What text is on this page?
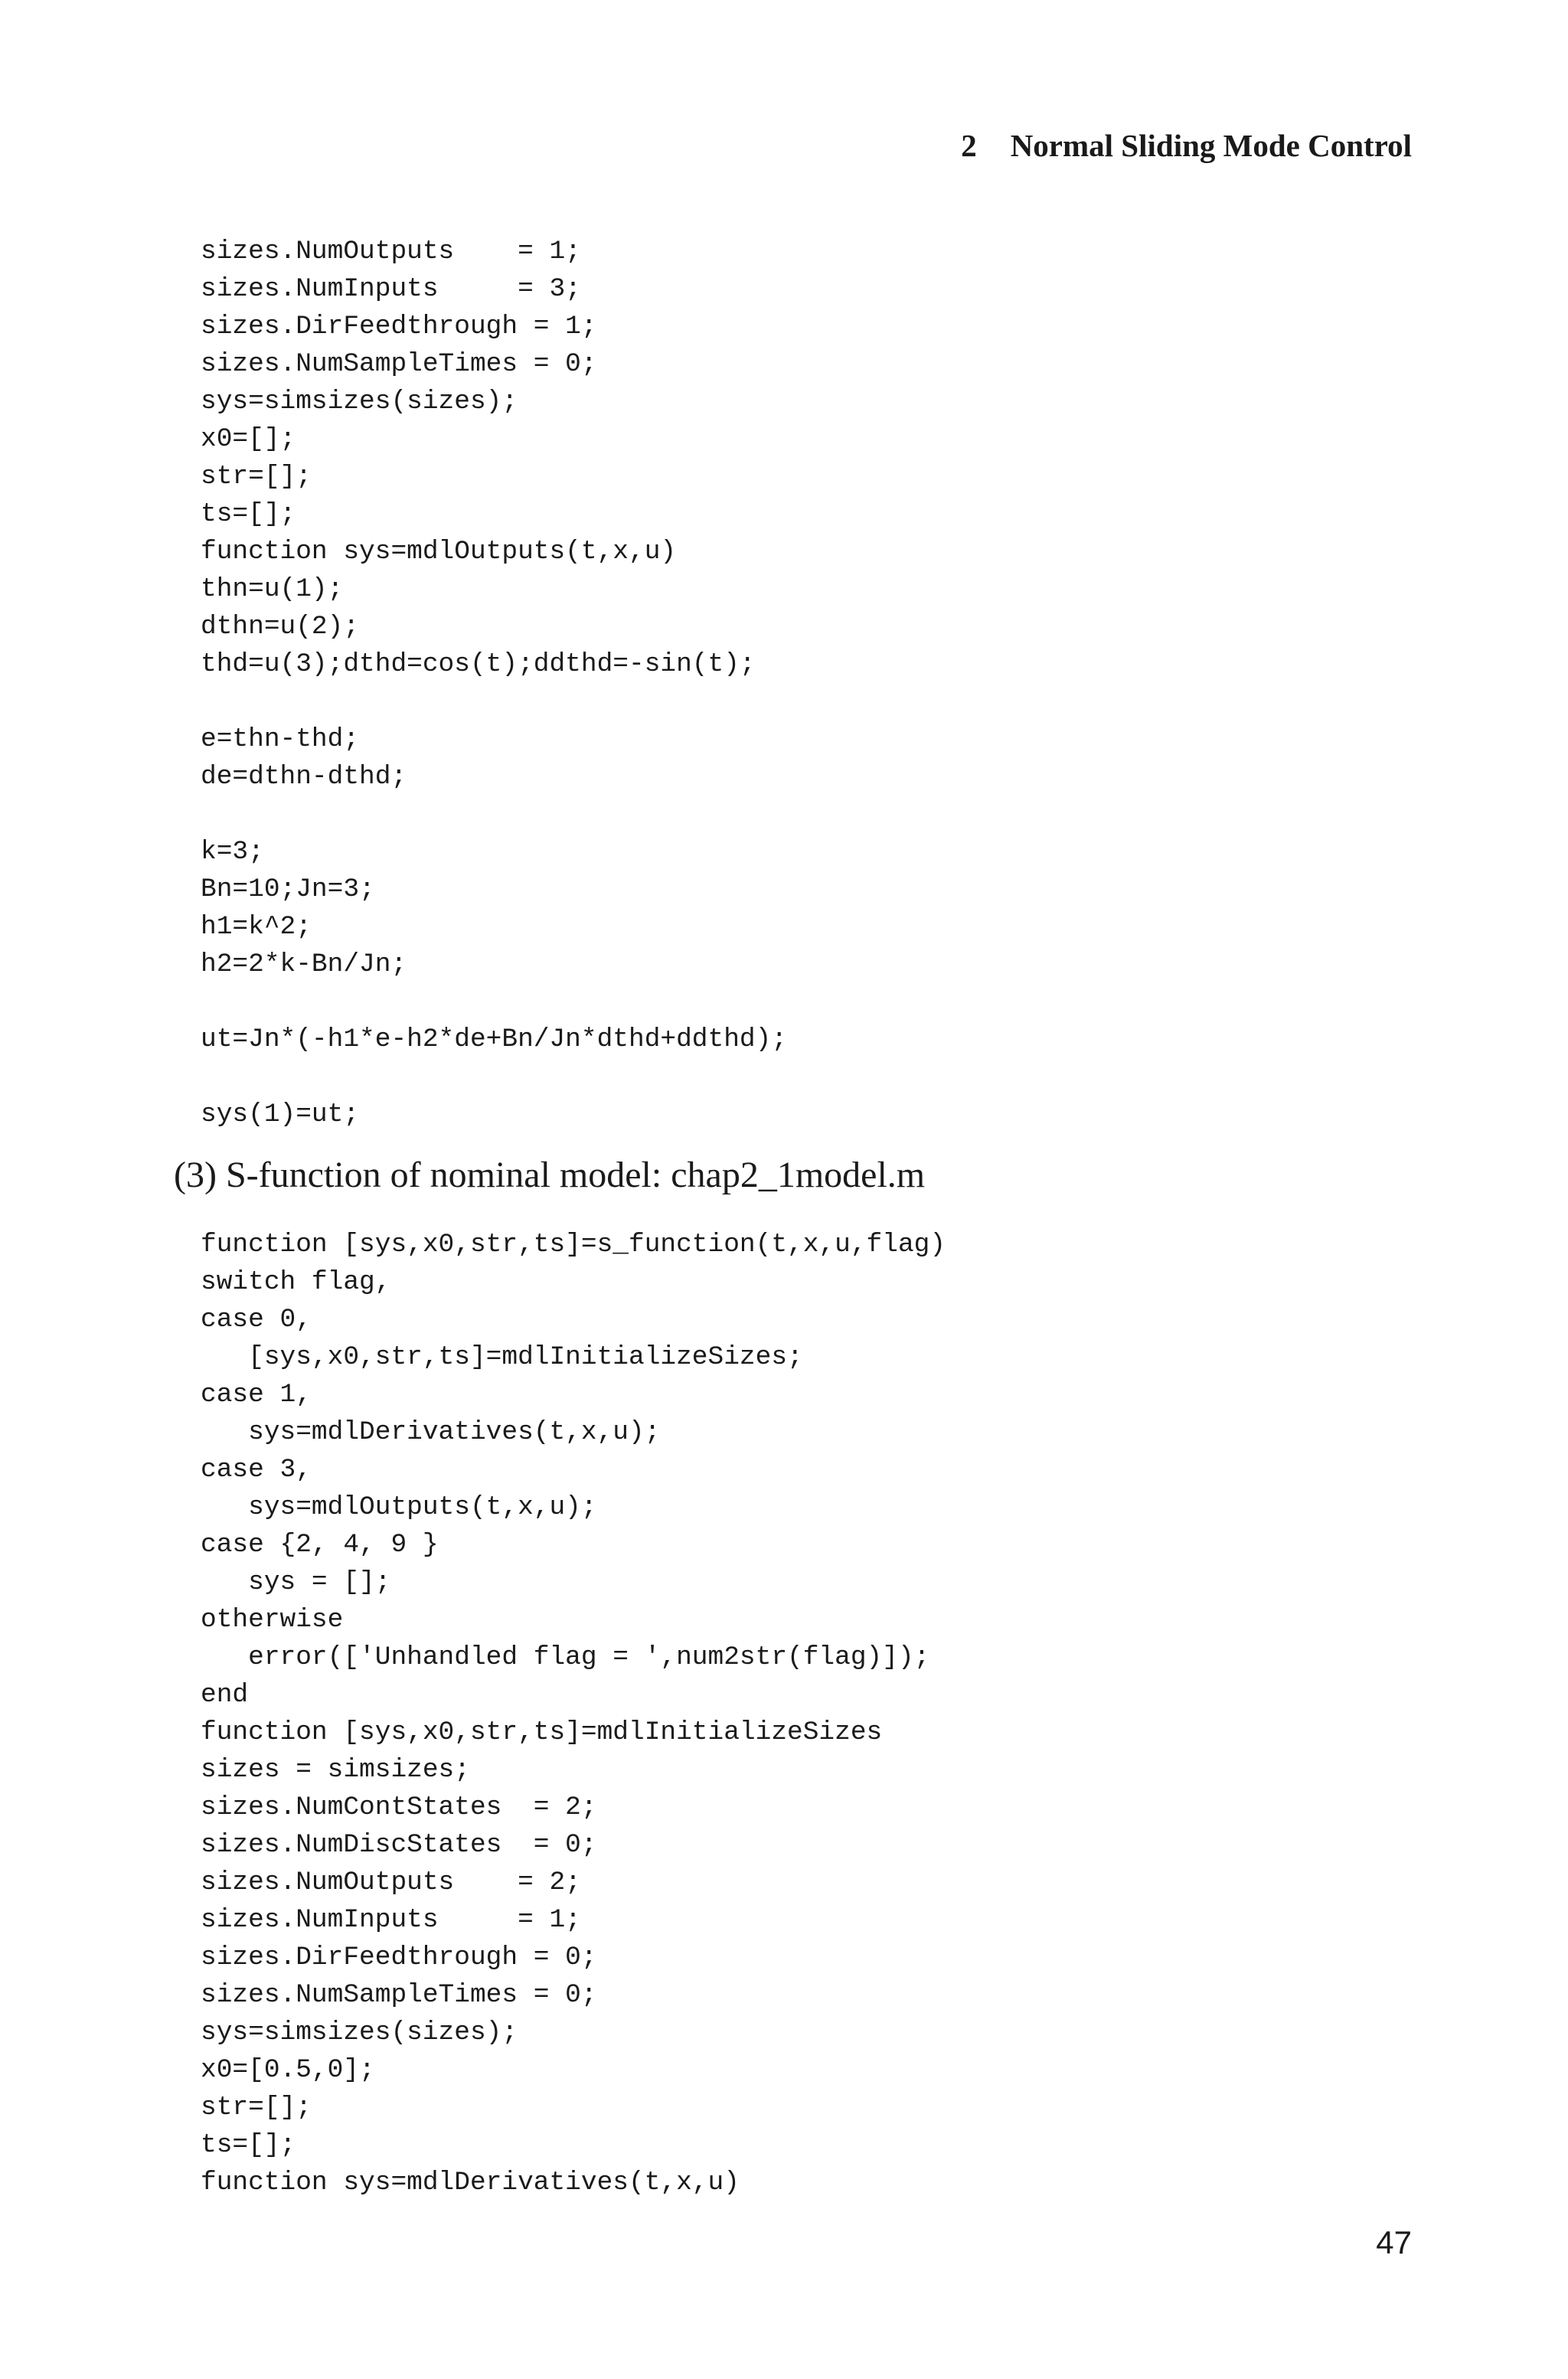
2 Normal Sliding Mode Control
sizes.NumOutputs    = 1;
sizes.NumInputs     = 3;
sizes.DirFeedthrough = 1;
sizes.NumSampleTimes = 0;
sys=simsizes(sizes);
x0=[];
str=[];
ts=[];
function sys=mdlOutputs(t,x,u)
thn=u(1);
dthn=u(2);
thd=u(3);dthd=cos(t);ddthd=-sin(t);
e=thn-thd;
de=dthn-dthd;
k=3;
Bn=10;Jn=3;
h1=k^2;
h2=2*k-Bn/Jn;
ut=Jn*(-h1*e-h2*de+Bn/Jn*dthd+ddthd);
sys(1)=ut;
(3) S-function of nominal model: chap2_1model.m
function [sys,x0,str,ts]=s_function(t,x,u,flag)
switch flag,
case 0,
[sys,x0,str,ts]=mdlInitializeSizes;
case 1,
sys=mdlDerivatives(t,x,u);
case 3,
sys=mdlOutputs(t,x,u);
case {2, 4, 9 }
sys = [];
otherwise
error(['Unhandled flag = ',num2str(flag)]);
end
function [sys,x0,str,ts]=mdlInitializeSizes
sizes = simsizes;
sizes.NumContStates  = 2;
sizes.NumDiscStates  = 0;
sizes.NumOutputs    = 2;
sizes.NumInputs     = 1;
sizes.DirFeedthrough = 0;
sizes.NumSampleTimes = 0;
sys=simsizes(sizes);
x0=[0.5,0];
str=[];
ts=[];
function sys=mdlDerivatives(t,x,u)
47
